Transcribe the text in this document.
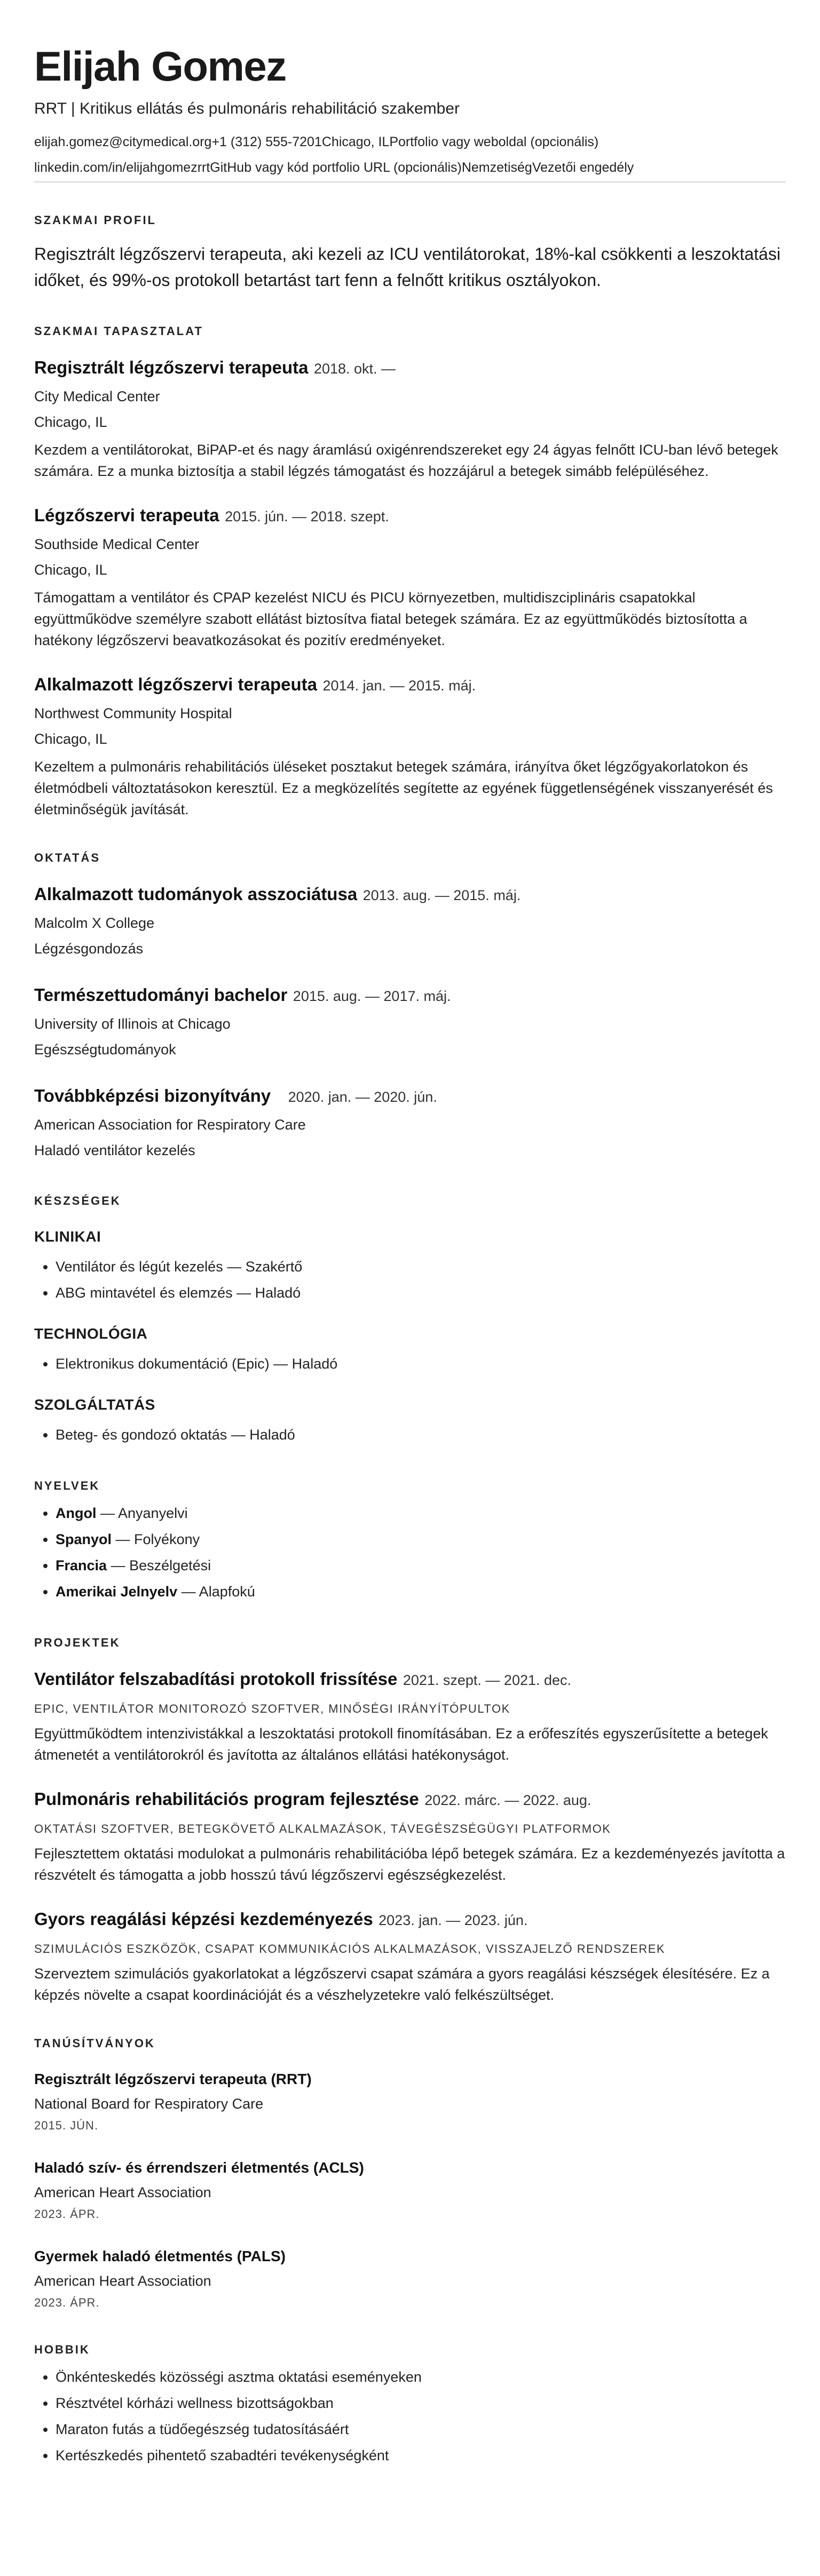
Elijah Gomez
RRT | Kritikus ellátás és pulmonáris rehabilitáció szakember
elijah.gomez@citymedical.org+1 (312) 555-7201Chicago, ILPortfolio vagy weboldal (opcionális)
linkedin.com/in/elijahgomezrrtGitHub vagy kód portfolio URL (opcionális)NemzetiségVezetői engedély
SZAKMAI PROFIL
Regisztrált légzőszervi terapeuta, aki kezeli az ICU ventilátorokat, 18%-kal csökkenti a leszoktatási időket, és 99%-os protokoll betartást tart fenn a felnőtt kritikus osztályokon.
SZAKMAI TAPASZTALAT
Regisztrált légzőszervi terapeuta 2018. okt. —
City Medical Center
Chicago, IL
Kezdem a ventilátorokat, BiPAP-et és nagy áramlású oxigénrendszereket egy 24 ágyas felnőtt ICU-ban lévő betegek számára. Ez a munka biztosítja a stabil légzés támogatást és hozzájárul a betegek simább felépüléséhez.
Légzőszervi terapeuta 2015. jún. — 2018. szept.
Southside Medical Center
Chicago, IL
Támogattam a ventilátor és CPAP kezelést NICU és PICU környezetben, multidiszciplináris csapatokkal együttműködve személyre szabott ellátást biztosítva fiatal betegek számára. Ez az együttműködés biztosította a hatékony légzőszervi beavatkozásokat és pozitív eredményeket.
Alkalmazott légzőszervi terapeuta 2014. jan. — 2015. máj.
Northwest Community Hospital
Chicago, IL
Kezeltem a pulmonáris rehabilitációs üléseket posztakut betegek számára, irányítva őket légzőgyakorlatokon és életmódbeli változtatásokon keresztül. Ez a megközelítés segítette az egyének függetlenségének visszanyerését és életminőségük javítását.
OKTATÁS
Alkalmazott tudományok asszociátusa 2013. aug. — 2015. máj.
Malcolm X College
Légzésgondozás
Természettudományi bachelor 2015. aug. — 2017. máj.
University of Illinois at Chicago
Egészségtudományok
Továbbképzési bizonyítvány 2020. jan. — 2020. jún.
American Association for Respiratory Care
Haladó ventilátor kezelés
KÉSZSÉGEK
KLINIKAI
• Ventilátor és légút kezelés — Szakértő
• ABG mintavétel és elemzés — Haladó
TECHNOLÓGIA
• Elektronikus dokumentáció (Epic) — Haladó
SZOLGÁLTATÁS
• Beteg- és gondozó oktatás — Haladó
NYELVEK
• Angol — Anyanyelvi
• Spanyol — Folyékony
• Francia — Beszélgetési
• Amerikai Jelnyelv — Alapfokú
PROJEKTEK
Ventilátor felszabadítási protokoll frissítése 2021. szept. — 2021. dec.
EPIC, VENTILÁTOR MONITOROZÓ SZOFTVER, MINŐSÉGI IRÁNYÍTÓPULTOK
Együttműködtem intenzivistákkal a leszoktatási protokoll finomításában. Ez a erőfeszítés egyszerűsítette a betegek átmenetét a ventilátorokról és javította az általános ellátási hatékonyságot.
Pulmonáris rehabilitációs program fejlesztése 2022. márc. — 2022. aug.
OKTATÁSI SZOFTVER, BETEGKÖVETŐ ALKALMAZÁSOK, TÁVEGÉSZSÉGÜGYI PLATFORMOK
Fejlesztettem oktatási modulokat a pulmonáris rehabilitációba lépő betegek számára. Ez a kezdeményezés javította a részvételt és támogatta a jobb hosszú távú légzőszervi egészségkezelést.
Gyors reagálási képzési kezdeményezés 2023. jan. — 2023. jún.
SZIMULÁCIÓS ESZKÖZÖK, CSAPAT KOMMUNIKÁCIÓS ALKALMAZÁSOK, VISSZAJELZŐ RENDSZEREK
Szerveztem szimulációs gyakorlatokat a légzőszervi csapat számára a gyors reagálási készségek élesítésére. Ez a képzés növelte a csapat koordinációját és a vészhelyzetekre való felkészültséget.
TANÚSÍTVÁNYOK
Regisztrált légzőszervi terapeuta (RRT)
National Board for Respiratory Care
2015. JÚN.
Haladó szív- és érrendszeri életmentés (ACLS)
American Heart Association
2023. ÁPR.
Gyermek haladó életmentés (PALS)
American Heart Association
2023. ÁPR.
HOBBIK
• Önkénteskedés közösségi asztma oktatási eseményeken
• Résztvétel kórházi wellness bizottságokban
• Maraton futás a tüdőegészség tudatosításáért
• Kertészkedés pihentető szabadtéri tevékenységként
